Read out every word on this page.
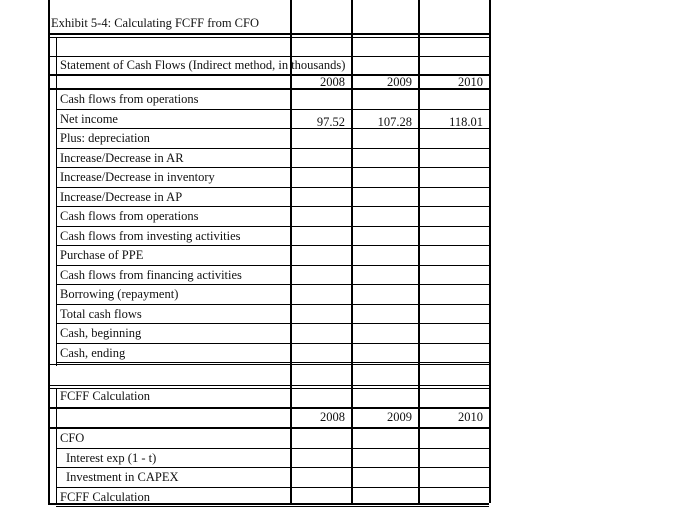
Exhibit 5-4: Calculating FCFF from CFO
Statement of Cash Flows (Indirect method, in thousands)
2008	2009	2010
Cash flows from operations
Net income	97.52	107.28	118.01
Plus: depreciation
Increase/Decrease in AR
Increase/Decrease in inventory
Increase/Decrease in AP
Cash flows from operations
Cash flows from investing activities
Purchase of PPE
Cash flows from financing activities
Borrowing (repayment)
Total cash flows
Cash, beginning
Cash, ending
FCFF Calculation
2008	2009	2010
CFO
Interest exp (1 - t)
Investment in CAPEX
FCFF Calculation
